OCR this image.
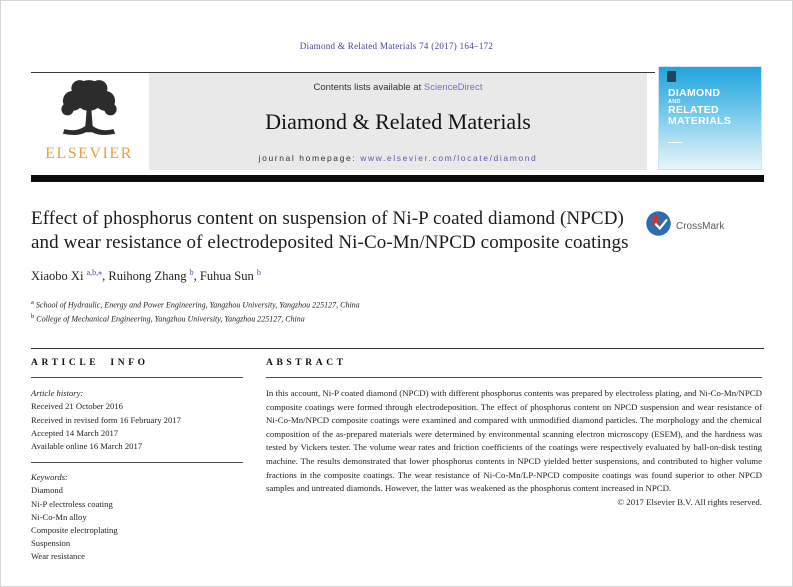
Diamond & Related Materials 74 (2017) 164–172
ELSEVIER
Contents lists available at ScienceDirect
Diamond & Related Materials
journal homepage: www.elsevier.com/locate/diamond
DIAMOND
AND
RELATED
MATERIALS
Effect of phosphorus content on suspension of Ni-P coated diamond (NPCD) and wear resistance of electrodeposited Ni-Co-Mn/NPCD composite coatings
CrossMark
Xiaobo Xi $^{a,b,⁎}$, Ruihong Zhang $^b$, Fuhua Sun $^b$
$^a$ School of Hydraulic, Energy and Power Engineering, Yangzhou University, Yangzhou 225127, China
$^b$ College of Mechanical Engineering, Yangzhou University, Yangzhou 225127, China
ARTICLE INFO
Article history:
Received 21 October 2016
Received in revised form 16 February 2017
Accepted 14 March 2017
Available online 16 March 2017
Keywords:
Diamond
Ni-P electroless coating
Ni-Co-Mn alloy
Composite electroplating
Suspension
Wear resistance
ABSTRACT

In this account, Ni-P coated diamond (NPCD) with different phosphorus contents was prepared by electroless plating, and Ni-Co-Mn/NPCD composite coatings were formed through electrodeposition. The effect of phosphorus content on NPCD suspension and wear resistance of Ni-Co-Mn/NPCD composite coatings were examined and compared with unmodified diamond particles. The morphology and the chemical composition of the as-prepared materials were determined by environmental scanning electron microscopy (ESEM), and the hardness was tested by Vickers tester. The volume wear rates and friction coefficients of the coatings were respectively evaluated by ball-on-disk testing machine. The results demonstrated that lower phosphorus contents in NPCD yielded better suspensions, and contributed to higher volume fractions in the composite coatings. The wear resistance of Ni-Co-Mn/LP-NPCD composite coatings was found superior to other NPCD samples and untreated diamonds. However, the latter was weakened as the phosphorus content increased in NPCD.

© 2017 Elsevier B.V. All rights reserved.
